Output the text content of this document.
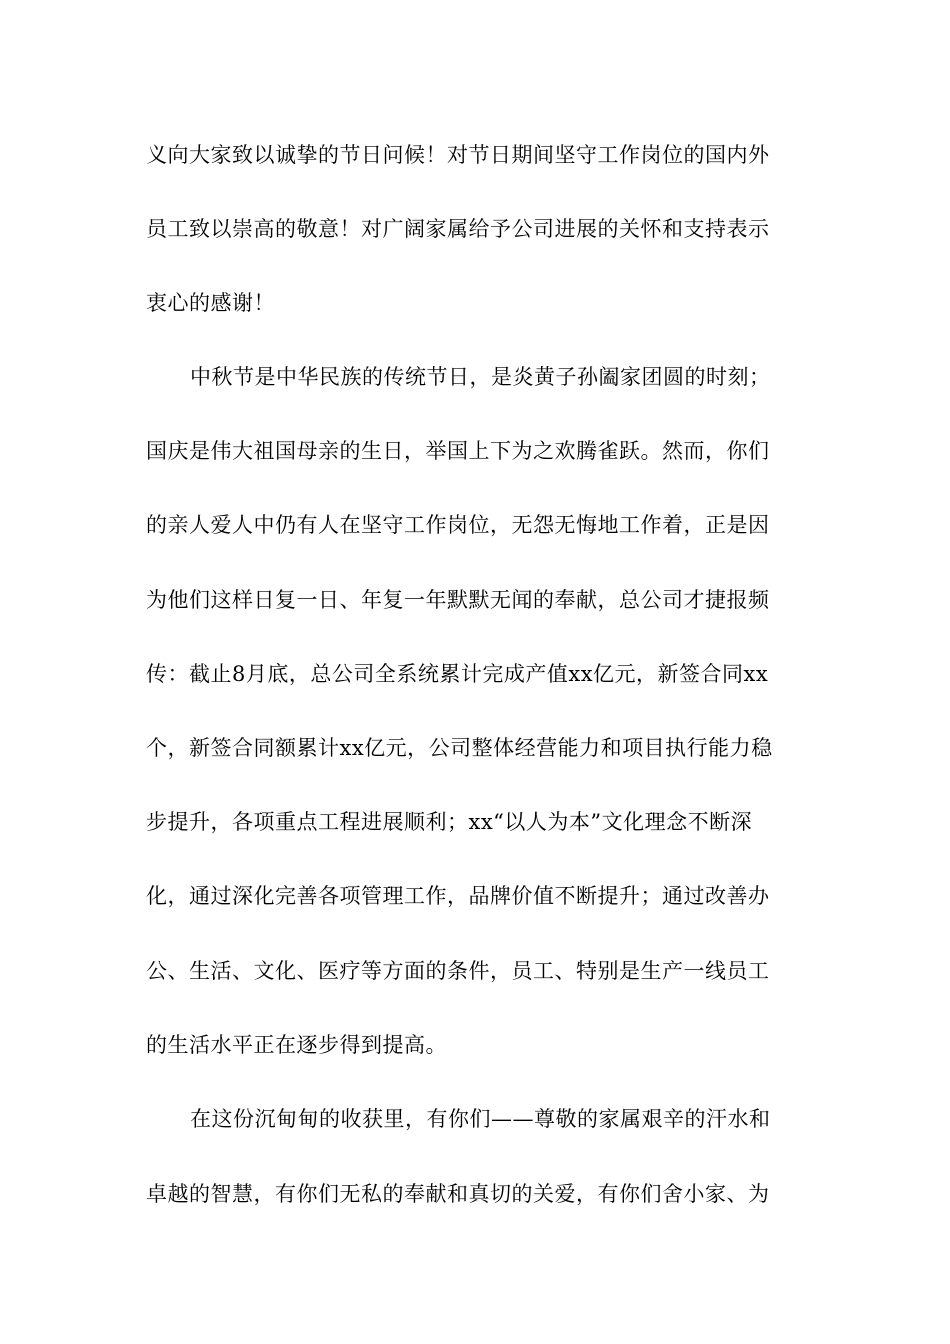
义向大家致以诚挚的节日问候！对节日期间坚守工作岗位的国内外
员工致以崇高的敬意！对广阔家属给予公司进展的关怀和支持表示
衷心的感谢！
中秋节是中华民族的传统节日，是炎黄子孙阖家团圆的时刻；
国庆是伟大祖国母亲的生日，举国上下为之欢腾雀跃。然而，你们
的亲人爱人中仍有人在坚守工作岗位，无怨无悔地工作着，正是因
为他们这样日复一日、年复一年默默无闻的奉献，总公司才捷报频
传：截止8月底，总公司全系统累计完成产值xx亿元，新签合同xx
个，新签合同额累计xx亿元，公司整体经营能力和项目执行能力稳
步提升，各项重点工程进展顺利；xx“以人为本”文化理念不断深
化，通过深化完善各项管理工作，品牌价值不断提升；通过改善办
公、生活、文化、医疗等方面的条件，员工、特别是生产一线员工
的生活水平正在逐步得到提高。
在这份沉甸甸的收获里，有你们——尊敬的家属艰辛的汗水和
卓越的智慧，有你们无私的奉献和真切的关爱，有你们舍小家、为
